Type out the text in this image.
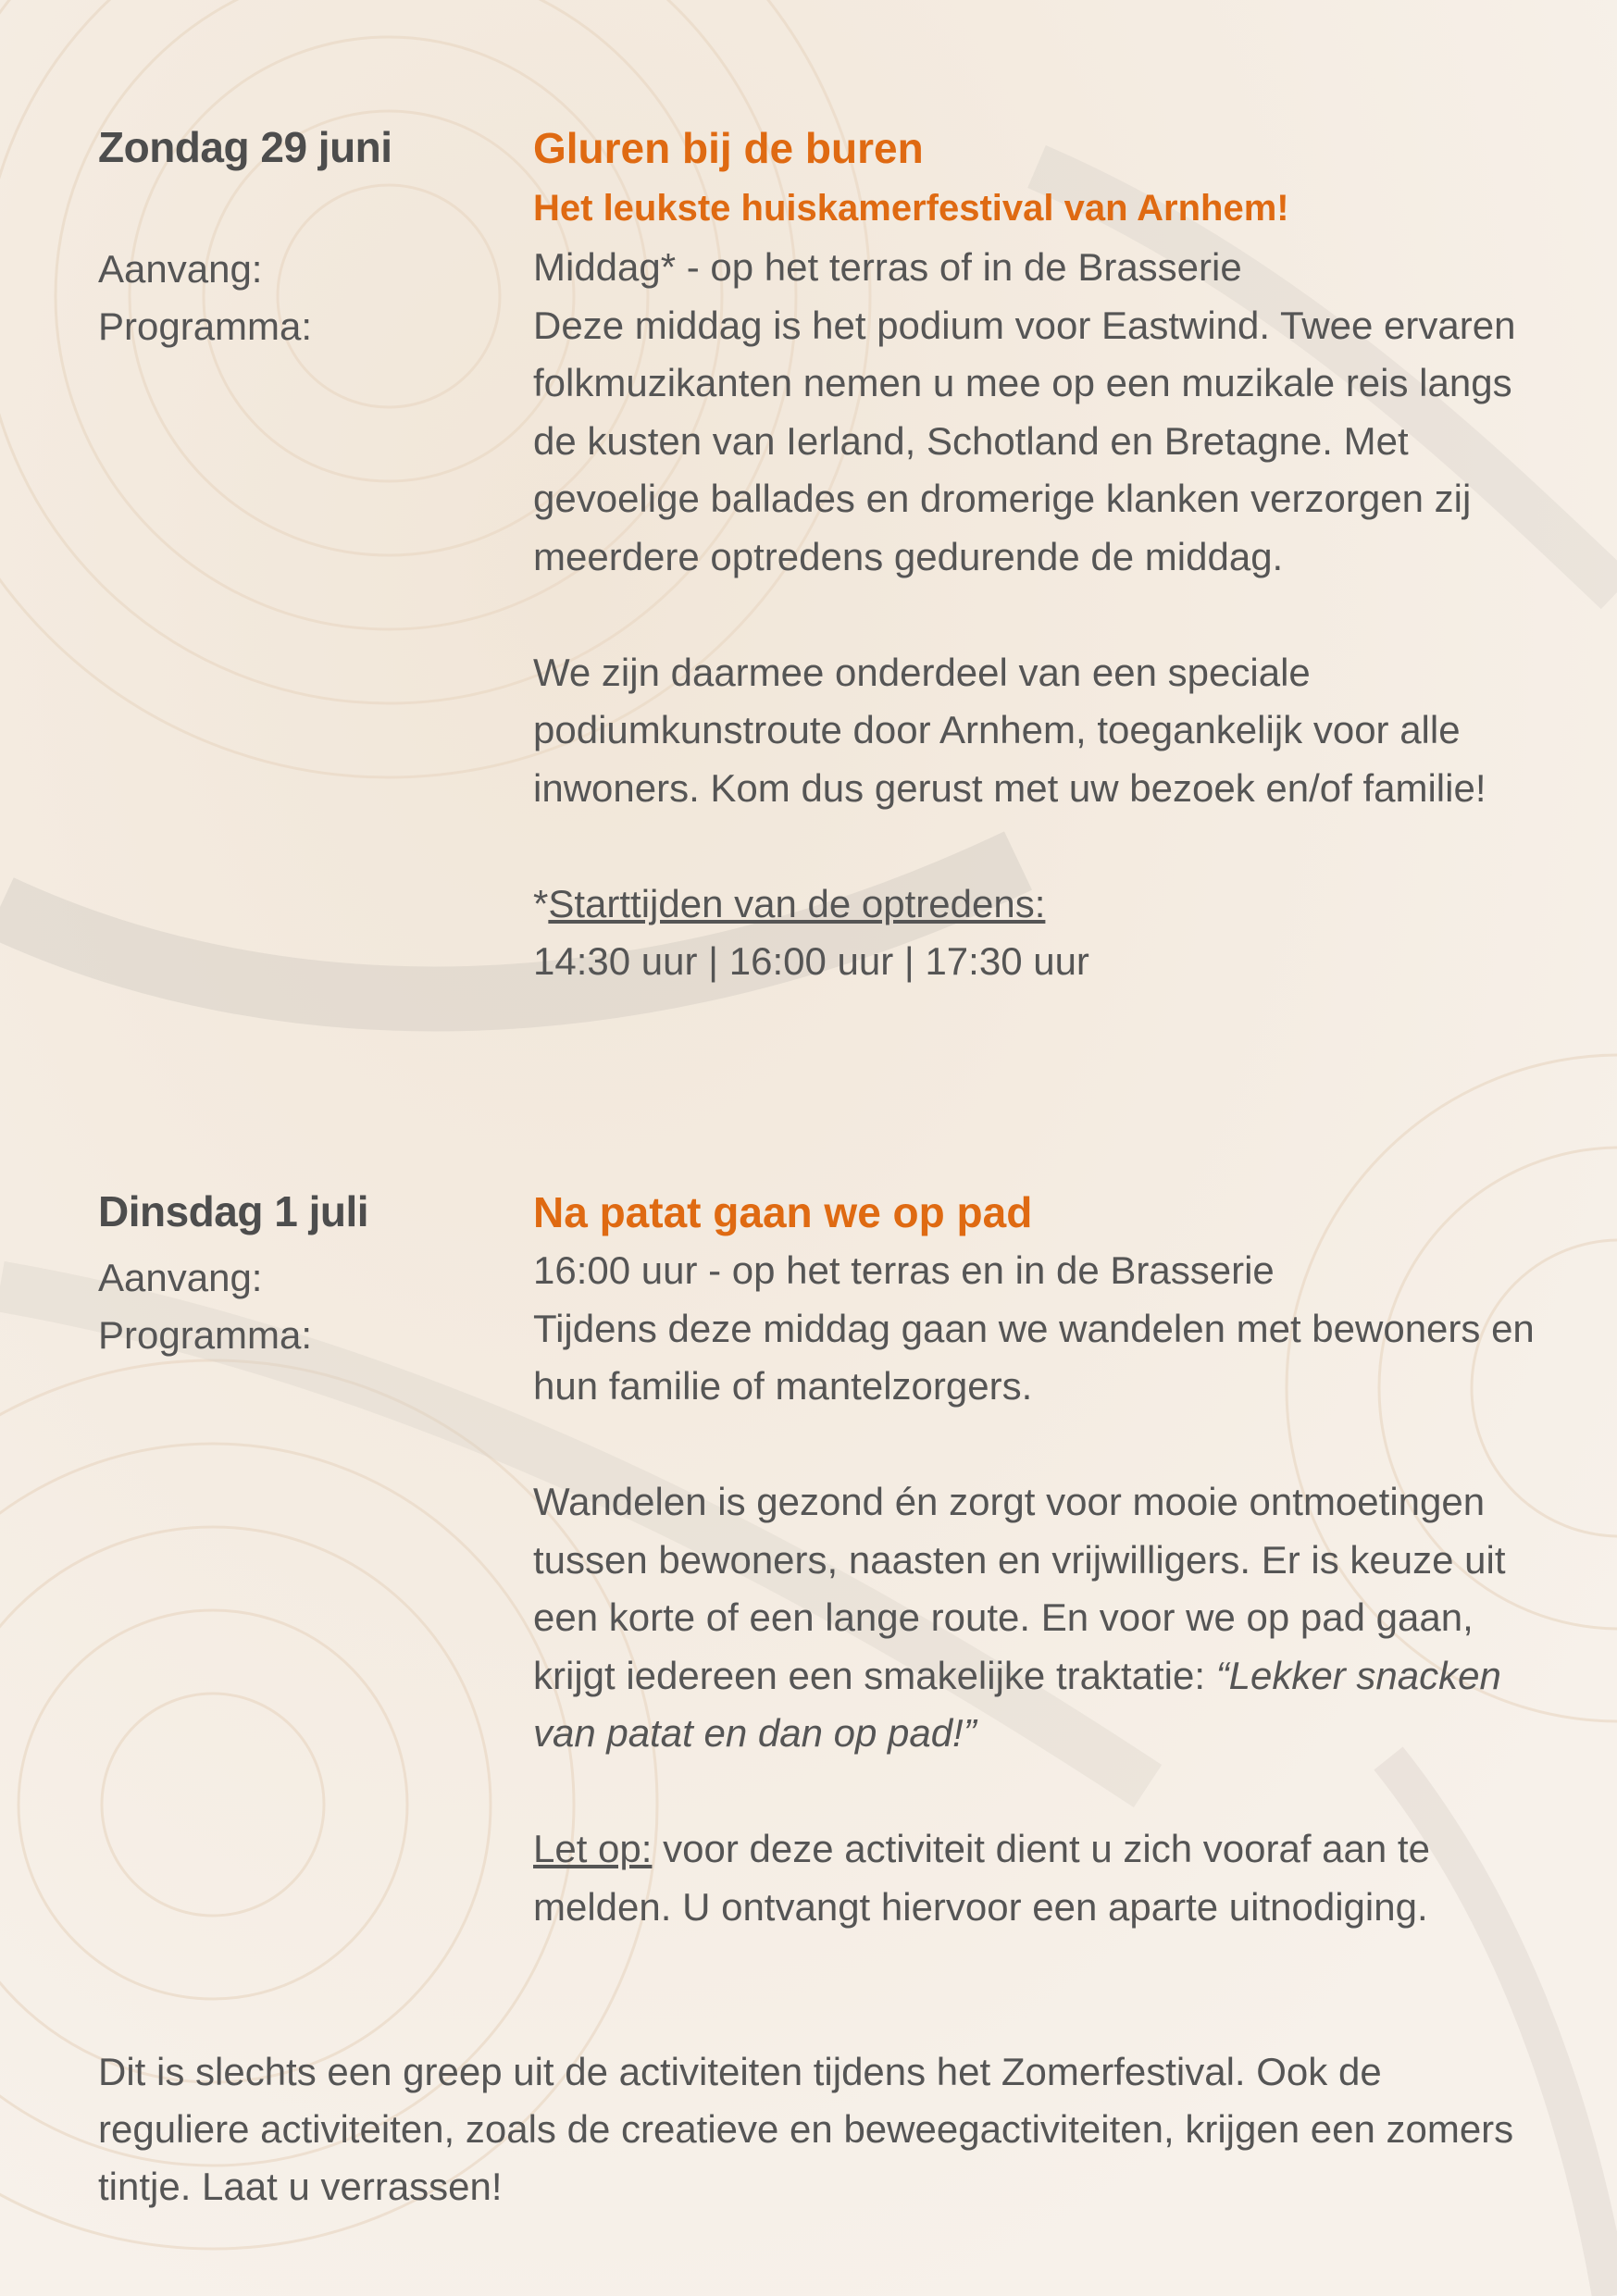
Zondag 29 juni
Aanvang:
Programma:
Gluren bij de buren
Het leukste huiskamerfestival van Arnhem!

Middag* - op het terras of in de Brasserie

Deze middag is het podium voor Eastwind. Twee ervaren folkmuzikanten nemen u mee op een muzikale reis langs de kusten van Ierland, Schotland en Bretagne. Met gevoelige ballades en dromerige klanken verzorgen zij meerdere optredens gedurende de middag.

We zijn daarmee onderdeel van een speciale podiumkunstroute door Arnhem, toegankelijk voor alle inwoners. Kom dus gerust met uw bezoek en/of familie!

*Starttijden van de optredens:

14:30 uur | 16:00 uur | 17:30 uur

Dinsdag 1 juli
Aanvang:
Programma:
Na patat gaan we op pad

16:00 uur - op het terras en in de Brasserie

Tijdens deze middag gaan we wandelen met bewoners en hun familie of mantelzorgers.

Wandelen is gezond én zorgt voor mooie ontmoetingen tussen bewoners, naasten en vrijwilligers. Er is keuze uit een korte of een lange route. En voor we op pad gaan, krijgt iedereen een smakelijke traktatie: “Lekker snacken van patat en dan op pad!”

Let op: voor deze activiteit dient u zich vooraf aan te melden. U ontvangt hiervoor een aparte uitnodiging.

Dit is slechts een greep uit de activiteiten tijdens het Zomerfestival. Ook de reguliere activiteiten, zoals de creatieve en beweegactiviteiten, krijgen een zomers tintje. Laat u verrassen!
